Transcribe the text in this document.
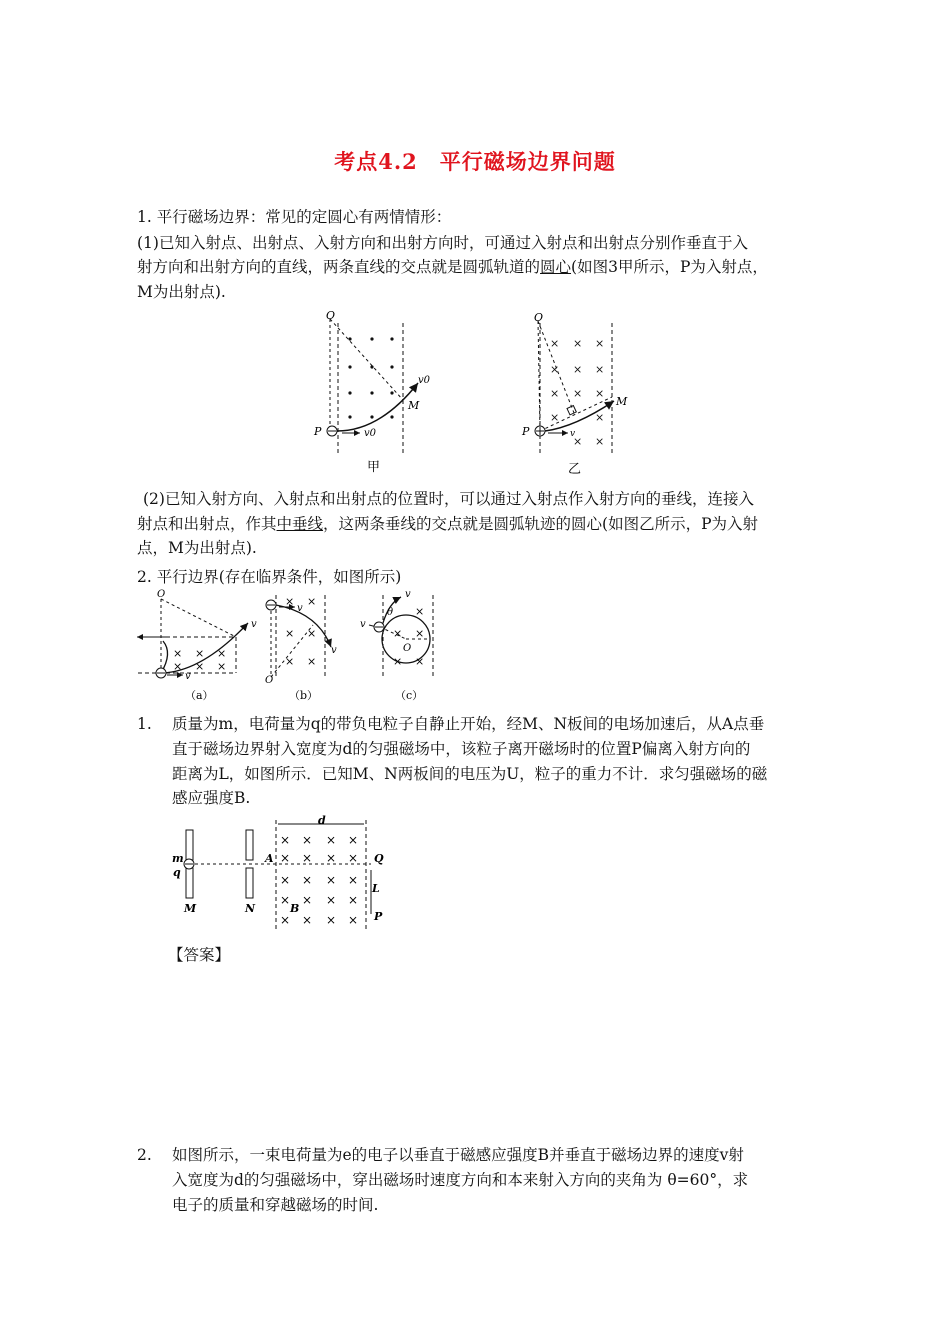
考点4.2　平行磁场边界问题
1. 平行磁场边界：常见的定圆心有两情情形：
(1)已知入射点、出射点、入射方向和出射方向时，可通过入射点和出射点分别作垂直于入
射方向和出射方向的直线，两条直线的交点就是圆弧轨道的圆心(如图3甲所示，P为入射点，
M为出射点).
O
P
M
v0
v0
甲
× × ×
× × ×
× × ×
×	×
× ×
O
P
M
v
乙
(2)已知入射方向、入射点和出射点的位置时，可以通过入射点作入射方向的垂线，连接入
射点和出射点，作其中垂线，这两条垂线的交点就是圆弧轨迹的圆心(如图乙所示，P为入射
点，M为出射点).
2. 平行边界(存在临界条件，如图所示)
× × ×
× × ×
O
v
v
（a）
× ×
× ×
× ×
O
v
v
（b）
×
× ×
× ×
O
v
v
θ
（c）
1. 质量为m，电荷量为q的带负电粒子自静止开始，经M、N板间的电场加速后，从A点垂
直于磁场边界射入宽度为d的匀强磁场中，该粒子离开磁场时的位置P偏离入射方向的
距离为L，如图所示．已知M、N两板间的电压为U，粒子的重力不计．求匀强磁场的磁
感应强度B.
× × × ×
× × × ×
× × × ×
× × × ×
× × × ×
m
q
M	N
A
B
Q
P
L
d
【答案】
2. 如图所示，一束电荷量为e的电子以垂直于磁感应强度B并垂直于磁场边界的速度v射
入宽度为d的匀强磁场中，穿出磁场时速度方向和本来射入方向的夹角为 θ=60°，求
电子的质量和穿越磁场的时间.
